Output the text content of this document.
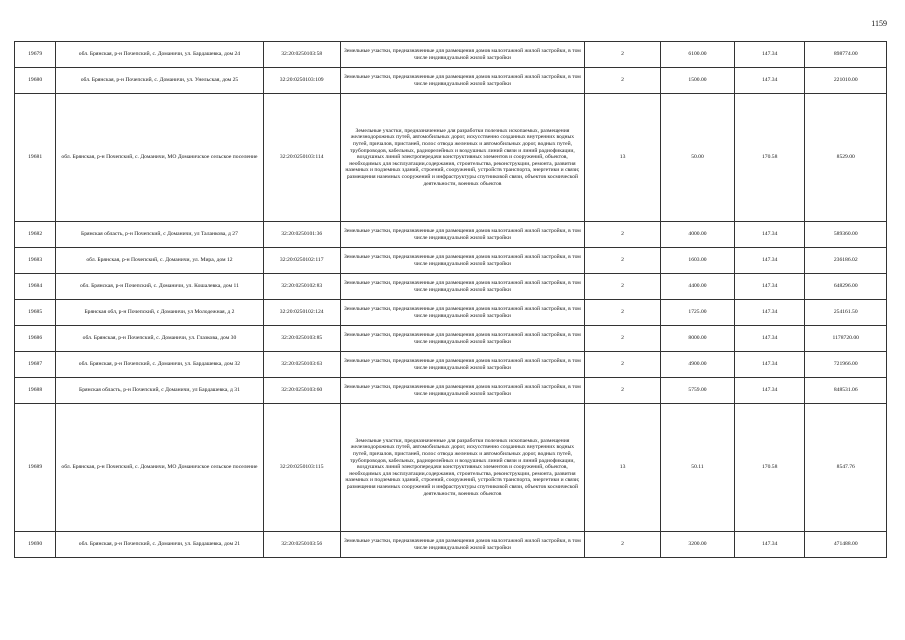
1159
19679	обл. Брянская, р-н Почепский, с. Доманичи, ул. Бардашевка, дом 24	32:20:0250103:58	Земельные участки, предназначенные для размещения домов малоэтажной жилой застройки, в том числе индивидуальной жилой застройки	2	6100.00	147.34	898774.00
19680	обл. Брянская, р-н Почепский, с. Доманичи, ул. Унельская, дом 25	32:20:0250103:109	Земельные участки, предназначенные для размещения домов малоэтажной жилой застройки, в том числе индивидуальной жилой застройки	2	1500.00	147.34	221010.00
19681	обл. Брянская, р-н Почепский, с. Доманичи, МО Доманичское сельское поселение	32:20:0250103:114	Земельные участки, предназначенные для разработки полезных ископаемых, размещения железнодорожных путей, автомобильных дорог, искусственно созданных внутренних водных путей, причалов, пристаней, полос отвода железных и автомобильных дорог, водных путей, трубопроводов, кабельных, радиорелейных и воздушных линий связи и линий радиофикации, воздушных линий электропередачи конструктивных элементов и сооружений, объектов, необходимых для эксплуатации,содержания, строительства, реконструкции, ремонта, развития наземных и подземных зданий, строений, сооружений, устройств транспорта, энергетики и связи; размещения наземных сооружений и инфраструктуры спутниковой связи, объектов космической деятельности, военных объектов	13	50.00	170.58	8529.00
19682	Брянская область, р-н Почепский, с Доманичи, ул Таланкова, д 27	32:20:0250101:36	Земельные участки, предназначенные для размещения домов малоэтажной жилой застройки, в том числе индивидуальной жилой застройки	2	4000.00	147.34	589360.00
19683	обл. Брянская, р-н Почепский, с. Доманичи, ул. Мира, дом 12	32:20:0250102:117	Земельные участки, предназначенные для размещения домов малоэтажной жилой застройки, в том числе индивидуальной жилой застройки	2	1603.00	147.34	236186.02
19684	обл. Брянская, р-н Почепский, с. Доманичи, ул. Кошалевка, дом 11	32:20:0250102:83	Земельные участки, предназначенные для размещения домов малоэтажной жилой застройки, в том числе индивидуальной жилой застройки	2	4400.00	147.34	648296.00
19685	Брянская обл, р-н Почепский, с Доманичи, ул Молодежная, д 2	32:20:0250102:124	Земельные участки, предназначенные для размещения домов малоэтажной жилой застройки, в том числе индивидуальной жилой застройки	2	1725.00	147.34	254161.50
19686	обл. Брянская, р-н Почепский, с. Доманичи, ул. Глазкова, дом 30	32:20:0250103:85	Земельные участки, предназначенные для размещения домов малоэтажной жилой застройки, в том числе индивидуальной жилой застройки	2	8000.00	147.34	1178720.00
19687	обл. Брянская, р-н Почепский, с. Доманичи, ул. Бардашевка, дом 32	32:20:0250103:63	Земельные участки, предназначенные для размещения домов малоэтажной жилой застройки, в том числе индивидуальной жилой застройки	2	4900.00	147.34	721966.00
19688	Брянская область, р-н Почепский, с Доманичи, ул Бардашевка, д 31	32:20:0250103:60	Земельные участки, предназначенные для размещения домов малоэтажной жилой застройки, в том числе индивидуальной жилой застройки	2	5759.00	147.34	848531.06
19689	обл. Брянская, р-н Почепский, с. Доманичи, МО Доманичское сельское поселение	32:20:0250103:115	Земельные участки, предназначенные для разработки полезных ископаемых, размещения железнодорожных путей, автомобильных дорог, искусственно созданных внутренних водных путей, причалов, пристаней, полос отвода железных и автомобильных дорог, водных путей, трубопроводов, кабельных, радиорелейных и воздушных линий связи и линий радиофикации, воздушных линий электропередачи конструктивных элементов и сооружений, объектов, необходимых для эксплуатации,содержания, строительства, реконструкции, ремонта, развития наземных и подземных зданий, строений, сооружений, устройств транспорта, энергетики и связи; размещения наземных сооружений и инфраструктуры спутниковой связи, объектов космической деятельности, военных объектов	13	50.11	170.58	8547.76
19690	обл. Брянская, р-н Почепский, с. Доманичи, ул. Бардашевка, дом 21	32:20:0250103:56	Земельные участки, предназначенные для размещения домов малоэтажной жилой застройки, в том числе индивидуальной жилой застройки	2	3200.00	147.34	471488.00
